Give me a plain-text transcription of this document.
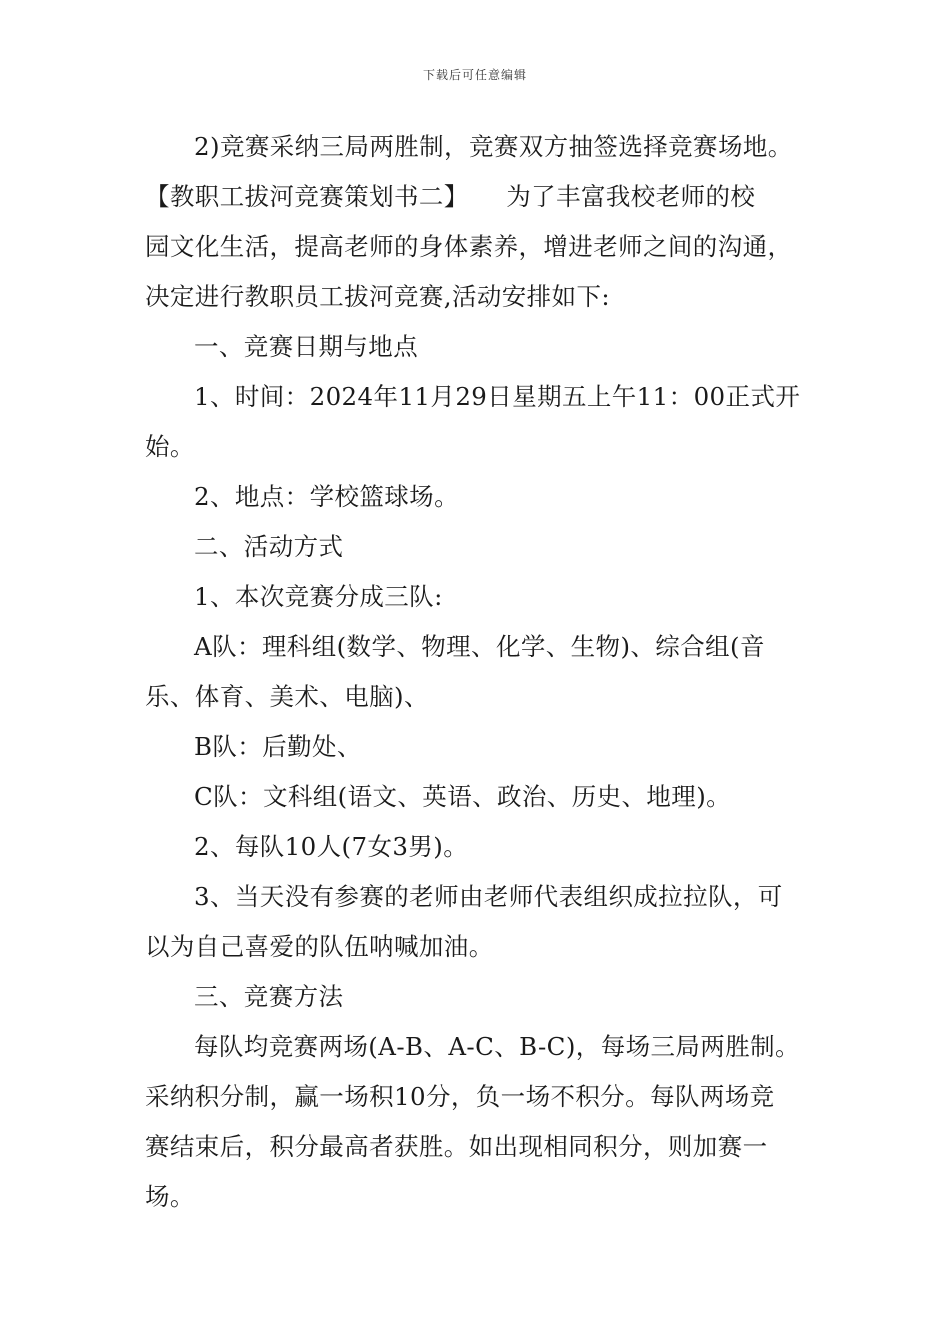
下载后可任意编辑

2)竞赛采纳三局两胜制，竞赛双方抽签选择竞赛场地。

【教职工拔河竞赛策划书二】　　为了丰富我校老师的校

园文化生活，提高老师的身体素养，增进老师之间的沟通，

决定进行教职员工拔河竞赛,活动安排如下:

一、竞赛日期与地点

1、时间：2024年11月29日星期五上午11：00正式开

始。

2、地点：学校篮球场。

二、活动方式

1、本次竞赛分成三队:

A队：理科组(数学、物理、化学、生物)、综合组(音

乐、体育、美术、电脑)、

B队：后勤处、

C队：文科组(语文、英语、政治、历史、地理)。

2、每队10人(7女3男)。

3、当天没有参赛的老师由老师代表组织成拉拉队，可

以为自己喜爱的队伍呐喊加油。

三、竞赛方法

每队均竞赛两场(A-B、A-C、B-C)，每场三局两胜制。

采纳积分制，赢一场积10分，负一场不积分。每队两场竞

赛结束后，积分最高者获胜。如出现相同积分，则加赛一

场。
